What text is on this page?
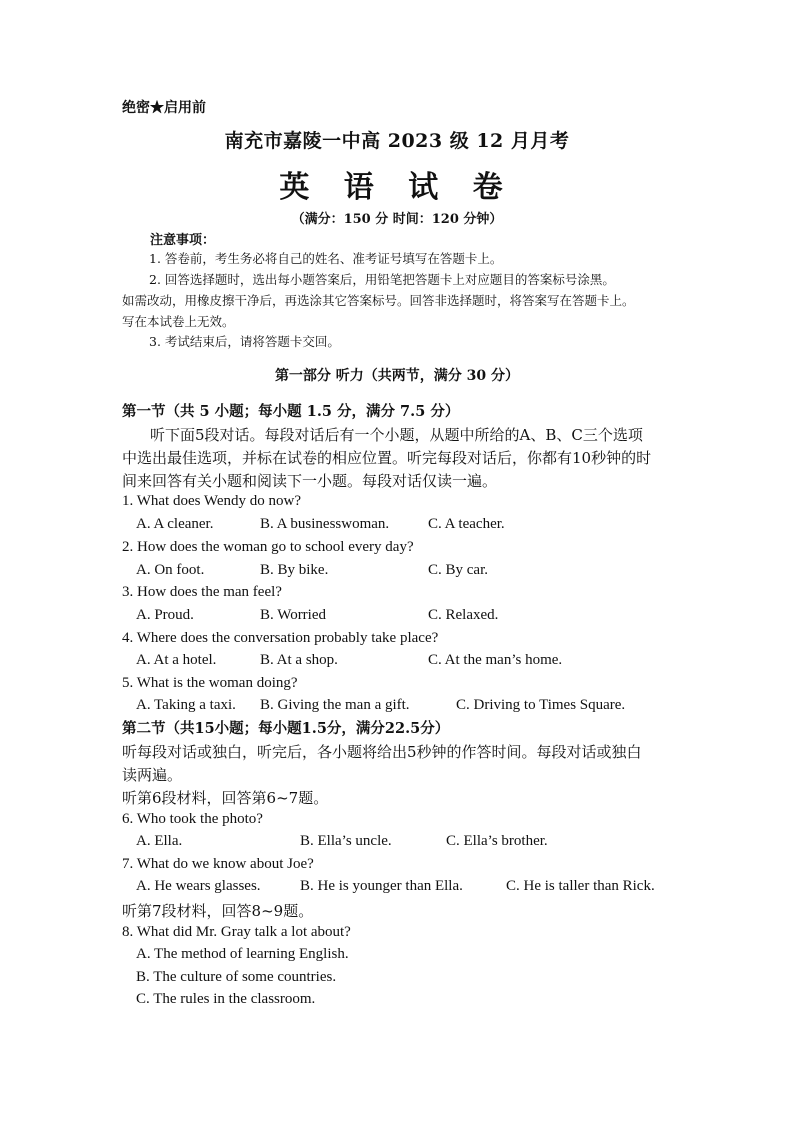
绝密★启用前
南充市嘉陵一中高 2023 级 12 月月考
英 语 试 卷
（满分：150 分 时间：120 分钟）
注意事项：
1. 答卷前，考生务必将自己的姓名、准考证号填写在答题卡上。
2. 回答选择题时，选出每小题答案后，用铅笔把答题卡上对应题目的答案标号涂黑。
如需改动，用橡皮擦干净后，再选涂其它答案标号。回答非选择题时，将答案写在答题卡上。
写在本试卷上无效。
3. 考试结束后，请将答题卡交回。
第一部分 听力（共两节，满分 30 分）
第一节（共 5 小题；每小题 1.5 分，满分 7.5 分）
听下面5段对话。每段对话后有一个小题，从题中所给的A、B、C三个选项
中选出最佳选项，并标在试卷的相应位置。听完每段对话后，你都有10秒钟的时
间来回答有关小题和阅读下一小题。每段对话仅读一遍。
1. What does Wendy do now?
A. A cleaner.	B. A businesswoman.	C. A teacher.
2. How does the woman go to school every day?
A. On foot.	B. By bike.	C. By car.
3. How does the man feel?
A. Proud.	B. Worried	C. Relaxed.
4. Where does the conversation probably take place?
A. At a hotel.	B. At a shop.	C. At the man’s home.
5. What is the woman doing?
A. Taking a taxi. B. Giving the man a gift.	C. Driving to Times Square.
第二节（共15小题；每小题1.5分，满分22.5分）
听每段对话或独白，听完后，各小题将给出5秒钟的作答时间。每段对话或独白
读两遍。
听第6段材料，回答第6~7题。
6. Who took the photo?
A. Ella.	B. Ella’s uncle.	C. Ella’s brother.
7. What do we know about Joe?
A. He wears glasses.	B. He is younger than Ella.	C. He is taller than Rick.
听第7段材料，回答8~9题。
8. What did Mr. Gray talk a lot about?
A. The method of learning English.
B. The culture of some countries.
C. The rules in the classroom.
